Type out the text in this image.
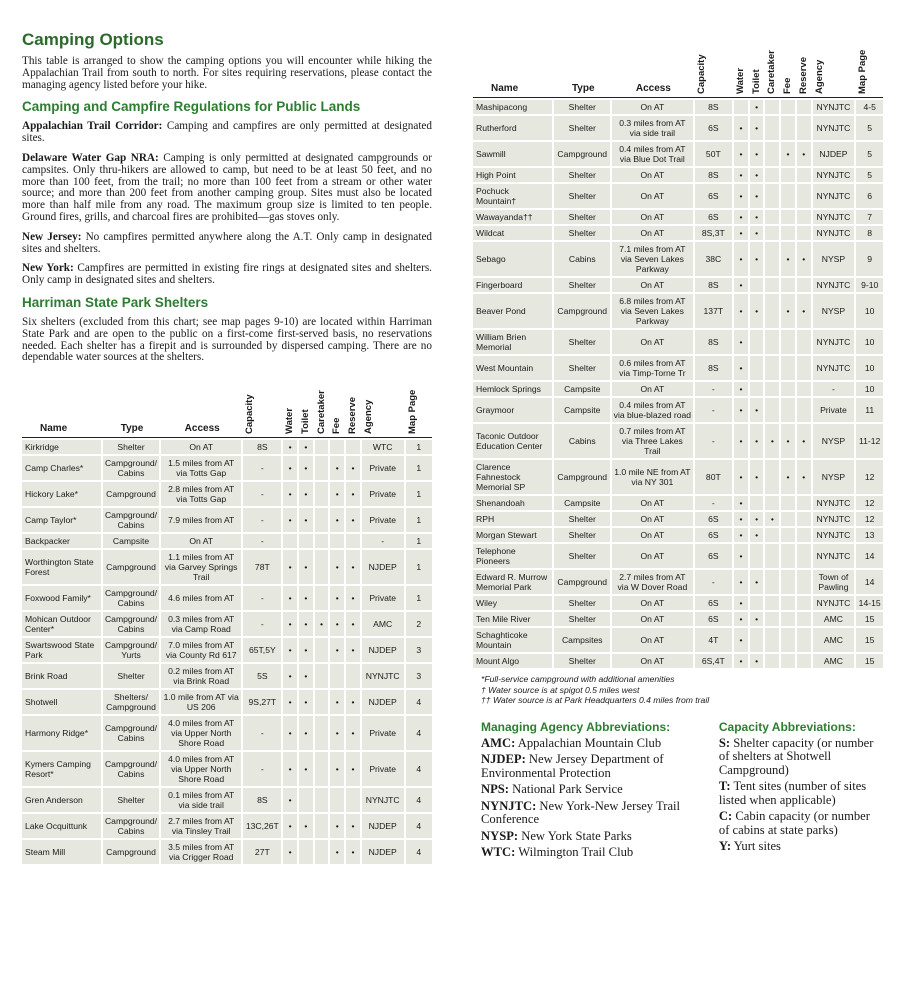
Camping Options

This table is arranged to show the camping options you will encounter while hiking the Appalachian Trail from south to north. For sites requiring reservations, please contact the managing agency listed before your hike.

Camping and Campfire Regulations for Public Lands

Appalachian Trail Corridor: Camping and campfires are only permitted at designated sites.

Delaware Water Gap NRA: Camping is only permitted at designated campgrounds or campsites. Only thru-hikers are allowed to camp, but need to be at least 50 feet, and no more than 100 feet, from the trail; no more than 100 feet from a stream or other water source; and more than 200 feet from another camping group. Sites must also be located more than half mile from any road. The maximum group size is limited to ten people. Ground fires, grills, and charcoal fires are prohibited—gas stoves only.

New Jersey: No campfires permitted anywhere along the A.T. Only camp in designated sites and shelters.

New York: Campfires are permitted in existing fire rings at designated sites and shelters. Only camp in designated sites and shelters.

Harriman State Park Shelters

Six shelters (excluded from this chart; see map pages 9-10) are located within Harriman State Park and are open to the public on a first-come first-served basis, no reservations needed. Each shelter has a firepit and is surrounded by dispersed camping. There are no dependable water sources at the shelters.

Name	Type	Access	Capacity	Water	Toilet	Caretaker	Fee	Reserve	Agency	Map Page

Kirkridge	Shelter	On AT	8S	•	•				WTC	1
Camp Charles*	Campground/ Cabins	1.5 miles from AT via Totts Gap	-	•	•		•	•	Private	1
Hickory Lake*	Campground	2.8 miles from AT via Totts Gap	-	•	•		•	•	Private	1
Camp Taylor*	Campground/ Cabins	7.9 miles from AT	-	•	•		•	•	Private	1
Backpacker	Campsite	On AT	-						-	1
Worthington State Forest	Campground	1.1 miles from AT via Garvey Springs Trail	78T	•	•		•	•	NJDEP	1
Foxwood Family*	Campground/ Cabins	4.6 miles from AT	-	•	•		•	•	Private	1
Mohican Outdoor Center*	Campground/ Cabins	0.3 miles from AT via Camp Road	-	•	•	•	•	•	AMC	2
Swartswood State Park	Campground/ Yurts	7.0 miles from AT via County Rd 617	65T,5Y	•	•		•	•	NJDEP	3
Brink Road	Shelter	0.2 miles from AT via Brink Road	5S	•	•				NYNJTC	3
Shotwell	Shelters/ Campground	1.0 mile from AT via US 206	9S,27T	•	•		•	•	NJDEP	4
Harmony Ridge*	Campground/ Cabins	4.0 miles from AT via Upper North Shore Road	-	•	•		•	•	Private	4
Kymers Camping Resort*	Campground/ Cabins	4.0 miles from AT via Upper North Shore Road	-	•	•		•	•	Private	4
Gren Anderson	Shelter	0.1 miles from AT via side trail	8S	•					NYNJTC	4
Lake Ocquittunk	Campground/ Cabins	2.7 miles from AT via Tinsley Trail	13C,26T	•	•		•	•	NJDEP	4
Steam Mill	Campground	3.5 miles from AT via Crigger Road	27T	•			•	•	NJDEP	4
Name	Type	Access	Capacity	Water	Toilet	Caretaker	Fee	Reserve	Agency	Map Page

Mashipacong	Shelter	On AT	8S		•				NYNJTC	4-5
Rutherford	Shelter	0.3 miles from AT via side trail	6S	•	•				NYNJTC	5
Sawmill	Campground	0.4 miles from AT via Blue Dot Trail	50T	•	•		•	•	NJDEP	5
High Point	Shelter	On AT	8S	•	•				NYNJTC	5
Pochuck Mountain†	Shelter	On AT	6S	•	•				NYNJTC	6
Wawayanda††	Shelter	On AT	6S	•	•				NYNJTC	7
Wildcat	Shelter	On AT	8S,3T	•	•				NYNJTC	8
Sebago	Cabins	7.1 miles from AT via Seven Lakes Parkway	38C	•	•		•	•	NYSP	9
Fingerboard	Shelter	On AT	8S	•					NYNJTC	9-10
Beaver Pond	Campground	6.8 miles from AT via Seven Lakes Parkway	137T	•	•		•	•	NYSP	10
William Brien Memorial	Shelter	On AT	8S	•					NYNJTC	10
West Mountain	Shelter	0.6 miles from AT via Timp-Torne Tr	8S	•					NYNJTC	10
Hemlock Springs	Campsite	On AT	-	•					-	10
Graymoor	Campsite	0.4 miles from AT via blue-blazed road	-	•	•				Private	11
Taconic Outdoor Education Center	Cabins	0.7 miles from AT via Three Lakes Trail	-	•	•	•	•	•	NYSP	11-12
Clarence Fahnestock Memorial SP	Campground	1.0 mile NE from AT via NY 301	80T	•	•		•	•	NYSP	12
Shenandoah	Campsite	On AT	-	•					NYNJTC	12
RPH	Shelter	On AT	6S	•	•	•			NYNJTC	12
Morgan Stewart	Shelter	On AT	6S	•	•				NYNJTC	13
Telephone Pioneers	Shelter	On AT	6S	•					NYNJTC	14
Edward R. Murrow Memorial Park	Campground	2.7 miles from AT via W Dover Road	-	•	•				Town of Pawling	14
Wiley	Shelter	On AT	6S	•					NYNJTC	14-15
Ten Mile River	Shelter	On AT	6S	•	•				AMC	15
Schaghticoke Mountain	Campsites	On AT	4T	•					AMC	15
Mount Algo	Shelter	On AT	6S,4T	•	•				AMC	15
*Full-service campground with additional amenities
† Water source is at spigot 0.5 miles west
†† Water source is at Park Headquarters 0.4 miles from trail
Managing Agency Abbreviations:
AMC: Appalachian Mountain Club
NJDEP: New Jersey Department of Environmental Protection
NPS: National Park Service
NYNJTC: New York-New Jersey Trail Conference
NYSP: New York State Parks
WTC: Wilmington Trail Club
Capacity Abbreviations:
S: Shelter capacity (or number of shelters at Shotwell Campground)
T: Tent sites (number of sites listed when applicable)
C: Cabin capacity (or number of cabins at state parks)
Y: Yurt sites
